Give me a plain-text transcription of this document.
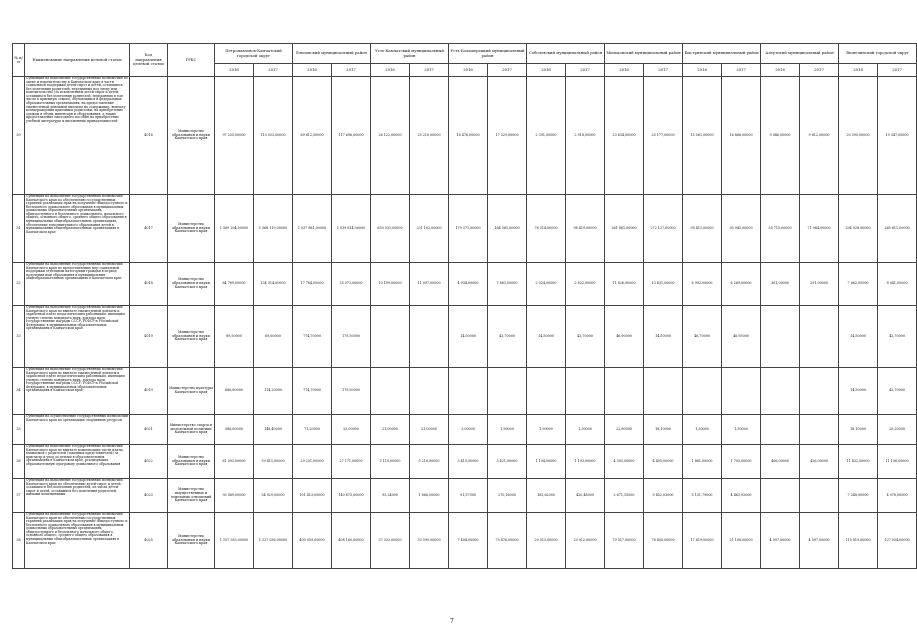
№ п/п	Наименование направления целевой статьи	Код направления целевой статьи	ГРБС	Петропавловск-Камчатский городской округ		Елизовский муниципальный район		Усть-Камчатский муниципальный район		Усть-Большерецкий муниципальный район		Соболевский муниципальный район		Мильковский муниципальный район		Быстринский муниципальный район		Алеутский муниципальный район		Вилючинский городской округ	
				2016	2017	2016	2017	2016	2017	2016	2017	2016	2017	2016	2017	2016	2017	2016	2017	2016	2017
30	Субвенция на выполнение государственных полномочий по опеке и попечительству в Камчатском крае в части социальной поддержки детей-сирот и детей, оставшихся без попечения родителей, переданных под опеку или попечительство (за исключением детей-сирот и детей, оставшихся без попечения родителей, переданных в том числе в приемную семью), обучающихся в федеральных образовательных организациях, на предоставление ежемесячной денежной выплаты на содержание, выплату вознаграждения приемным родителям, на приобретение одежды и обуви, инвентаря и оборудования, а также предоставление ежегодного пособия на приобретение учебной литературы и письменных принадлежностей	4016	Министерство образования и науки Камчатского края	97 235,00000	115 033,00000	69 612,50000	117 696,00000	26 122,00000	25 210,00000	16 476,00000	17 329,00000	2 391,00000	2 918,00000	23 634,00000	25 177,00000	15 561,00000	16 866,00000	9 046,00000	9 612,00000	20 390,00000	19 347,00000
31	Субвенция на выполнение государственных полномочий Камчатского края по обеспечению государственных гарантий реализации прав на получение общедоступного и бесплатного дошкольного образования в муниципальных дошкольных образовательных организациях, общедоступного и бесплатного дошкольного, начального общего, основного общего, среднего общего образования в муниципальных общеобразовательных организациях, обеспечение дополнительного образования детей в муниципальных общеобразовательных организациях в Камчатском крае	4017	Министерство образования и науки Камчатского края	1 569 294,00000	1 568 119,00000	1 037 881,00000	1 039 614,00000	650 031,00000	231 102,00000	179 371,00000	164 581,00000	76 314,00000	98 419,00000	261 881,00000	272 127,00000	95 411,00000	95 945,00000	55 715,00000	71 984,00000	294 028,00000	265 611,00000
32	Субвенция на выполнение государственных полномочий Камчатского края по предоставлению мер социальной поддержки отдельным категориям граждан в период получения ими образования в муниципальных общеобразовательных организациях в Камчатском крае	4018	Министерство образования и науки Камчатского края	84 769,00000	134 314,00000	17 764,00000	25 073,00000	10 199,00000	11 097,00000	4 934,00000	7 863,00000	2 024,00000	2 622,00000	11 826,00000	13 431,00000	6 992,00000	6 269,00000	361,00000	291,00000	7 062,00000	8 041,00000
33	Субвенция на выполнение государственных полномочий Камчатского края по выплате ежемесячной доплаты к заработной плате педагогическим работникам, имеющим ученую степень кандидата наук, доктора наук, государственные награды СССР, РСФСР и Российской Федерации, в муниципальных образовательных организациях в Камчатском крае	4019	Министерство образования и науки Камчатского края	89,50000	69,60000	774,70000	179,50000			14,50000	43,70000	14,50000	43,70000	46,90000	14,50000	46,70000	46,95000			14,50000	43,70000
34	Субвенция на выполнение государственных полномочий Камчатского края по выплате ежемесячной доплаты к заработной плате педагогическим работникам, имеющим ученую степень кандидата наук, доктора наук, государственные награды СССР, РСФСР и Российской Федерации, в муниципальных образовательных организациях в Камчатском крае	4019	Министерство культуры Камчатского края	686,80000	114,20000	774,70000	179,50000													14,50000	43,70000
35	Субвенция на осуществление государственных полномочий Камчатского края по организации спортивных ресурсов	4021	Министерство спорта и молодежной политики Камчатского края	566,60000	148,40000	71,20000	25,00000	21,00000	21,00000	3,00000	1,90000	1,90000	1,30000	22,80000	18,10000	1,30000	1,50000			18,10000	20,20000
36	Субвенция на выполнение государственных полномочий Камчатского края по выплате компенсации части платы, взимаемой с родителей (законных представителей) за присмотр и уход за детьми в образовательных организациях в Камчатском крае, реализующих образовательную программу дошкольного образования	4022	Министерство образования и науки Камчатского края	61 093,00000	59 415,00000	29 231,00000	27 171,00000	5 119,00000	5 216,00000	3 415,00000	3 421,00000	1 194,00000	1 193,00000	4 305,00000	4 495,00000	1 861,00000	1 793,00000	406,00000	426,00000	11 432,00000	11 156,00000
37	Субвенция на выполнение государственных полномочий Камчатского края по обеспечению детей-сирот и детей, оставшихся без попечения родителей, из числа детей-сирот и детей, оставшихся без попечения родителей, жилыми помещениями	4023	Министерство имущественных и земельных отношений Камчатского края	93 589,00000	54 929,00000	101 413,00000	140 675,00000	95,24000	1 866,00000	91,57000	270,16000	163,62000	420,48000	2 671,15000	9 452,03000	5 131,79000	4 463,92000			7 248,00000	4 976,00000
38	Субвенция на выполнение государственных полномочий Камчатского края по обеспечению государственных гарантий реализации прав на получение общедоступного и бесплатного дошкольного образования в муниципальных дошкольных образовательных организациях, общедоступного и бесплатного начального общего, основного общего, среднего общего образования в муниципальных общеобразовательных организациях в Камчатском крае	4025	Министерство образования и науки Камчатского края	1 157 355,00000	1 127 036,00000	400 059,00000	408 160,00000	37 333,00000	33 599,00000	7 404,00000	75 476,00000	20 513,00000	20 012,00000	70 517,00000	78 405,00000	17 619,00000	21 108,00000	4 097,00000	4 597,00000	115 819,00000	127 034,00000
7
